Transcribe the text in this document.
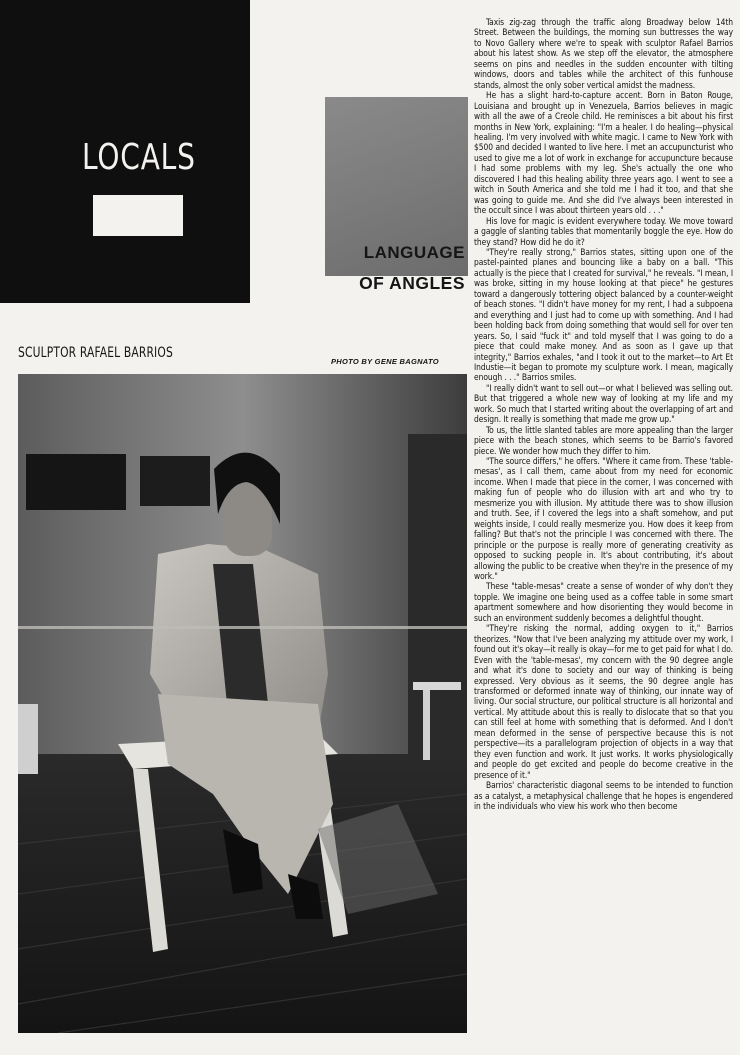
LOCALS
LANGUAGE
OF ANGLES
SCULPTOR RAFAEL BARRIOS
PHOTO BY GENE BAGNATO

Taxis zig-zag through the traffic along Broadway below 14th Street. Between the buildings, the morning sun buttresses the way to Novo Gallery where we're to speak with sculptor Rafael Barrios about his latest show. As we step off the elevator, the atmosphere seems on pins and needles in the sudden encounter with tilting windows, doors and tables while the architect of this funhouse stands, almost the only sober vertical amidst the madness.

He has a slight hard-to-capture accent. Born in Baton Rouge, Louisiana and brought up in Venezuela, Barrios believes in magic with all the awe of a Creole child. He reminisces a bit about his first months in New York, explaining: "I'm a healer. I do healing—physical healing. I'm very involved with white magic. I came to New York with $500 and decided I wanted to live here. I met an accupuncturist who used to give me a lot of work in exchange for accupuncture because I had some problems with my leg. She's actually the one who discovered I had this healing ability three years ago. I went to see a witch in South America and she told me I had it too, and that she was going to guide me. And she did I've always been interested in the occult since I was about thirteen years old . . ."

His love for magic is evident everywhere today. We move toward a gaggle of slanting tables that momentarily boggle the eye. How do they stand? How did he do it?

"They're really strong," Barrios states, sitting upon one of the pastel-painted planes and bouncing like a baby on a ball. "This actually is the piece that I created for survival," he reveals. "I mean, I was broke, sitting in my house looking at that piece" he gestures toward a dangerously tottering object balanced by a counter-weight of beach stones. "I didn't have money for my rent, I had a subpoena and everything and I just had to come up with something. And I had been holding back from doing something that would sell for over ten years. So, I said "fuck it" and told myself that I was going to do a piece that could make money. And as soon as I gave up that integrity," Barrios exhales, "and I took it out to the market—to Art Et Industie—it began to promote my sculpture work. I mean, magically enough . . ." Barrios smiles.

"I really didn't want to sell out—or what I believed was selling out. But that triggered a whole new way of looking at my life and my work. So much that I started writing about the overlapping of art and design. It really is something that made me grow up."

To us, the little slanted tables are more appealing than the larger piece with the beach stones, which seems to be Barrio's favored piece. We wonder how much they differ to him.

"The source differs," he offers. "Where it came from. These 'table-mesas', as I call them, came about from my need for economic income. When I made that piece in the corner, I was concerned with making fun of people who do illusion with art and who try to mesmerize you with illusion. My attitude there was to show illusion and truth. See, if I covered the legs into a shaft somehow, and put weights inside, I could really mesmerize you. How does it keep from falling? But that's not the principle I was concerned with there. The principle or the purpose is really more of generating creativity as opposed to sucking people in. It's about contributing, it's about allowing the public to be creative when they're in the presence of my work."

These "table-mesas" create a sense of wonder of why don't they topple. We imagine one being used as a coffee table in some smart apartment somewhere and how disorienting they would become in such an environment suddenly becomes a delightful thought.

"They're risking the normal, adding oxygen to it," Barrios theorizes. "Now that I've been analyzing my attitude over my work, I found out it's okay—it really is okay—for me to get paid for what I do. Even with the 'table-mesas', my concern with the 90 degree angle and what it's done to society and our way of thinking is being expressed. Very obvious as it seems, the 90 degree angle has transformed or deformed innate way of thinking, our innate way of living. Our social structure, our political structure is all horizontal and vertical. My attitude about this is really to dislocate that so that you can still feel at home with something that is deformed. And I don't mean deformed in the sense of perspective because this is not perspective—its a parallelogram projection of objects in a way that they even function and work. It just works. It works physiologically and people do get excited and people do become creative in the presence of it."

Barrios' characteristic diagonal seems to be intended to function as a catalyst, a metaphysical challenge that he hopes is engendered in the individuals who view his work who then become
